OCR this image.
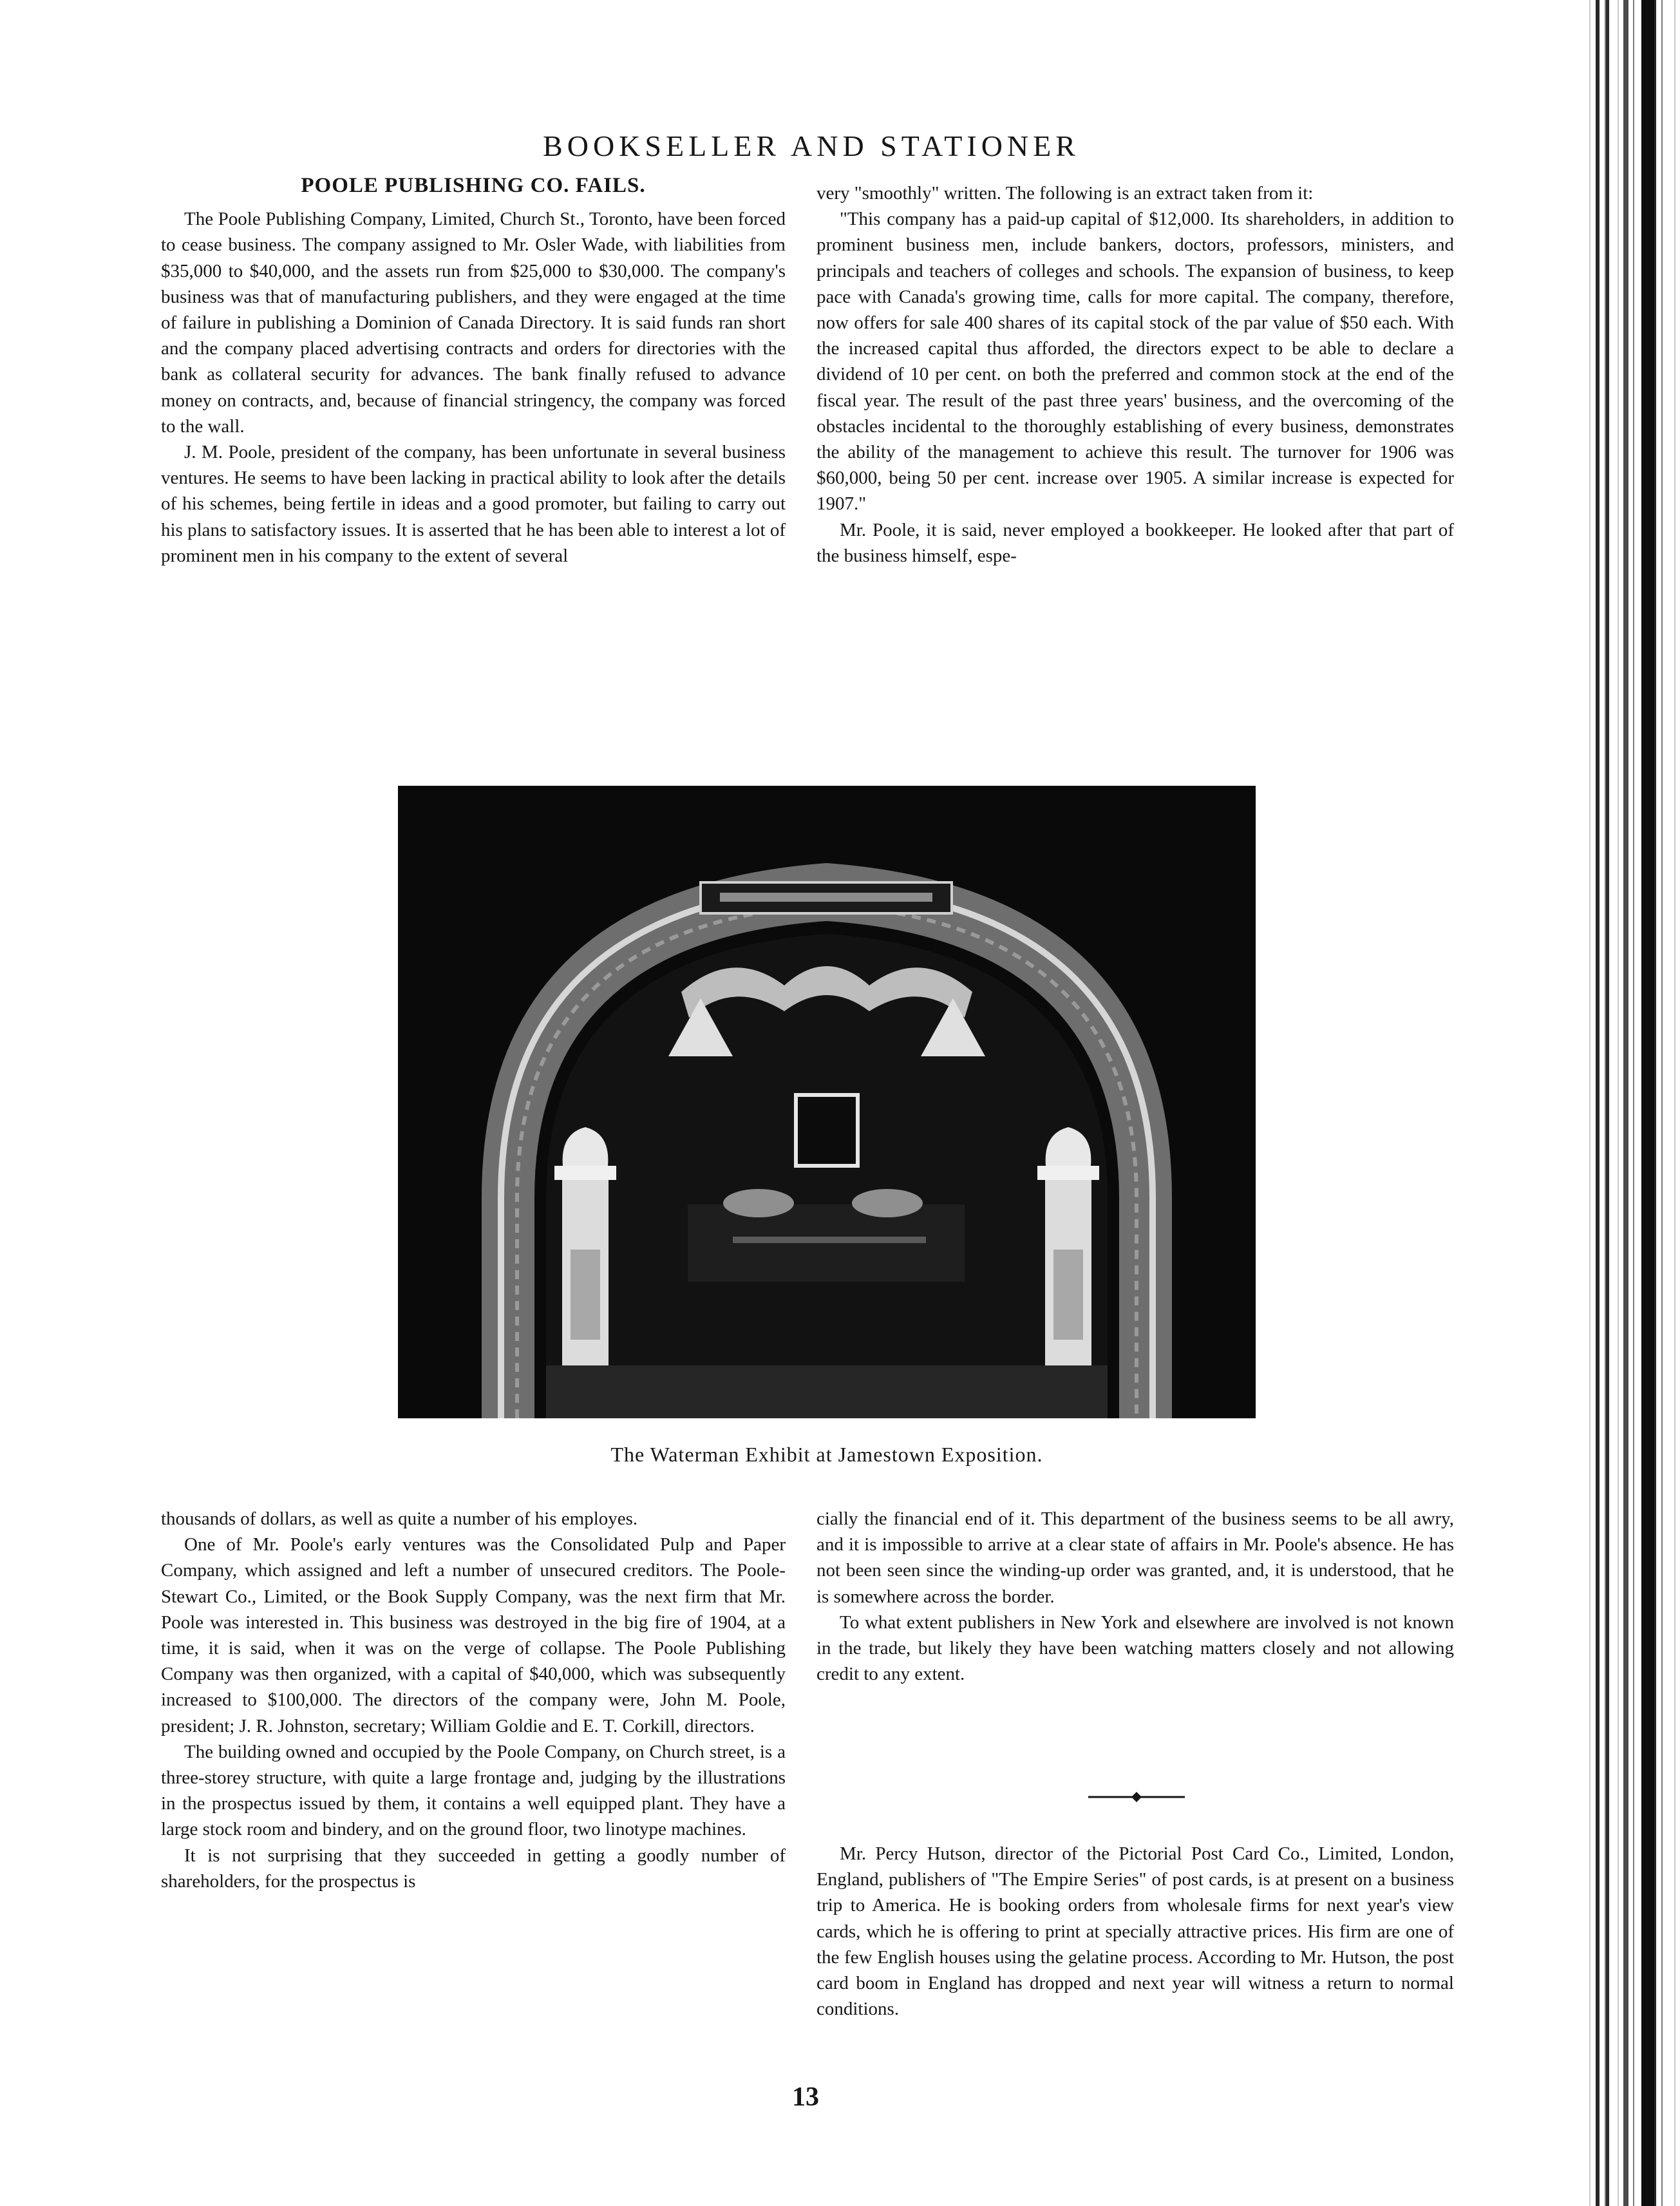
BOOKSELLER AND STATIONER
POOLE PUBLISHING CO. FAILS.

The Poole Publishing Company, Limited, Church St., Toronto, have been forced to cease business. The company assigned to Mr. Osler Wade, with liabilities from $35,000 to $40,000, and the assets run from $25,000 to $30,000. The company's business was that of manufacturing publishers, and they were engaged at the time of failure in publishing a Dominion of Canada Directory. It is said funds ran short and the company placed advertising contracts and orders for directories with the bank as collateral security for advances. The bank finally refused to advance money on contracts, and, because of financial stringency, the company was forced to the wall.

J. M. Poole, president of the company, has been unfortunate in several business ventures. He seems to have been lacking in practical ability to look after the details of his schemes, being fertile in ideas and a good promoter, but failing to carry out his plans to satisfactory issues. It is asserted that he has been able to interest a lot of prominent men in his company to the extent of several

very "smoothly" written. The following is an extract taken from it:

"This company has a paid-up capital of $12,000. Its shareholders, in addition to prominent business men, include bankers, doctors, professors, ministers, and principals and teachers of colleges and schools. The expansion of business, to keep pace with Canada's growing time, calls for more capital. The company, therefore, now offers for sale 400 shares of its capital stock of the par value of $50 each. With the increased capital thus afforded, the directors expect to be able to declare a dividend of 10 per cent. on both the preferred and common stock at the end of the fiscal year. The result of the past three years' business, and the overcoming of the obstacles incidental to the thoroughly establishing of every business, demonstrates the ability of the management to achieve this result. The turnover for 1906 was $60,000, being 50 per cent. increase over 1905. A similar increase is expected for 1907."

Mr. Poole, it is said, never employed a bookkeeper. He looked after that part of the business himself, espe-

The Waterman Exhibit at Jamestown Exposition.

thousands of dollars, as well as quite a number of his employes.

One of Mr. Poole's early ventures was the Consolidated Pulp and Paper Company, which assigned and left a number of unsecured creditors. The Poole-Stewart Co., Limited, or the Book Supply Company, was the next firm that Mr. Poole was interested in. This business was destroyed in the big fire of 1904, at a time, it is said, when it was on the verge of collapse. The Poole Publishing Company was then organized, with a capital of $40,000, which was subsequently increased to $100,000. The directors of the company were, John M. Poole, president; J. R. Johnston, secretary; William Goldie and E. T. Corkill, directors.

The building owned and occupied by the Poole Company, on Church street, is a three-storey structure, with quite a large frontage and, judging by the illustrations in the prospectus issued by them, it contains a well equipped plant. They have a large stock room and bindery, and on the ground floor, two linotype machines.

It is not surprising that they succeeded in getting a goodly number of shareholders, for the prospectus is

cially the financial end of it. This department of the business seems to be all awry, and it is impossible to arrive at a clear state of affairs in Mr. Poole's absence. He has not been seen since the winding-up order was granted, and, it is understood, that he is somewhere across the border.

To what extent publishers in New York and elsewhere are involved is not known in the trade, but likely they have been watching matters closely and not allowing credit to any extent.

Mr. Percy Hutson, director of the Pictorial Post Card Co., Limited, London, England, publishers of "The Empire Series" of post cards, is at present on a business trip to America. He is booking orders from wholesale firms for next year's view cards, which he is offering to print at specially attractive prices. His firm are one of the few English houses using the gelatine process. According to Mr. Hutson, the post card boom in England has dropped and next year will witness a return to normal conditions.

13
